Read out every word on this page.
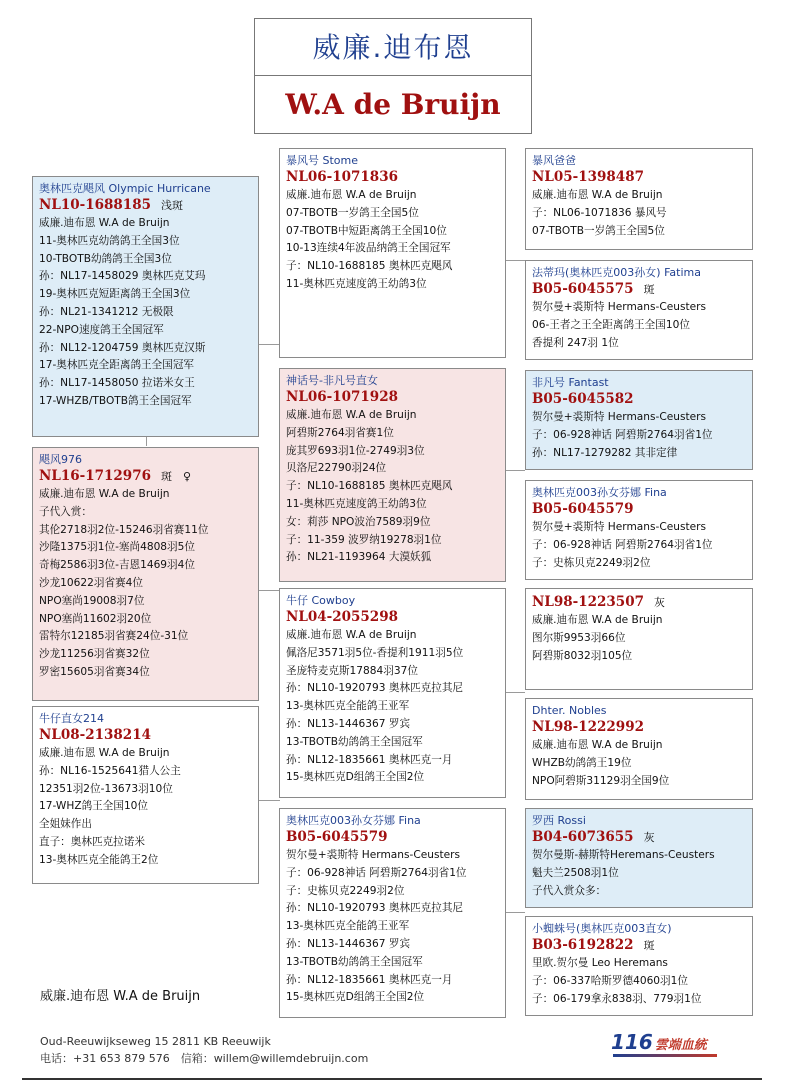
威廉.迪布恩
W.A de Bruijn
奥林匹克飓风 Olympic Hurricane
NL10-1688185 浅斑
威廉.迪布恩 W.A de Bruijn
11-奥林匹克幼鸽鸽王全国3位
10-TBOTB幼鸽鸽王全国3位
孙：NL17-1458029 奥林匹克艾玛
19-奥林匹克短距离鸽王全国3位
孙：NL21-1341212 无极限
22-NPO速度鸽王全国冠军
孙：NL12-1204759 奥林匹克汉斯
17-奥林匹克全距离鸽王全国冠军
孙：NL17-1458050 拉诺米女王
17-WHZB/TBOTB鸽王全国冠军
飓风976
NL16-1712976 斑　♀
威廉.迪布恩 W.A de Bruijn
子代入赏：
其伦2718羽2位-15246羽省赛11位
沙隆1375羽1位-塞尚4808羽5位
奇梅2586羽3位-吉恩1469羽4位
沙龙10622羽省赛4位
NPO塞尚19008羽7位
NPO塞尚11602羽20位
雷特尔12185羽省赛24位-31位
沙龙11256羽省赛32位
罗密15605羽省赛34位
牛仔直女214
NL08-2138214
威廉.迪布恩 W.A de Bruijn
孙：NL16-1525641猎人公主
12351羽2位-13673羽10位
17-WHZ鸽王全国10位
全姐妹作出
直子：奥林匹克拉诺米
13-奥林匹克全能鸽王2位
暴风号 Stome
NL06-1071836
威廉.迪布恩 W.A de Bruijn
07-TBOTB一岁鸽王全国5位
07-TBOTB中短距离鸽王全国10位
10-13连续4年波品纳鸽王全国冠军
子：NL10-1688185 奥林匹克飓风
11-奥林匹克速度鸽王幼鸽3位
神话号-非凡号直女
NL06-1071928
威廉.迪布恩 W.A de Bruijn
阿碧斯2764羽省赛1位
庞其罗693羽1位-2749羽3位
贝洛尼22790羽24位
子：NL10-1688185 奥林匹克飓风
11-奥林匹克速度鸽王幼鸽3位
女：莉莎 NPO波治7589羽9位
子：11-359 波罗纳19278羽1位
孙：NL21-1193964 大漠妖狐
牛仔 Cowboy
NL04-2055298
威廉.迪布恩 W.A de Bruijn
佩洛尼3571羽5位-香提利1911羽5位
圣庞特麦克斯17884羽37位
孙：NL10-1920793 奥林匹克拉其尼
13-奥林匹克全能鸽王亚军
孙：NL13-1446367 罗宾
13-TBOTB幼鸽鸽王全国冠军
孙：NL12-1835661 奥林匹克一月
15-奥林匹克D组鸽王全国2位
奥林匹克003孙女芬娜 Fina
B05-6045579
贺尔曼+裘斯特 Hermans-Ceusters
子：06-928神话 阿碧斯2764羽省1位
子：史栋贝克2249羽2位
孙：NL10-1920793 奥林匹克拉其尼
13-奥林匹克全能鸽王亚军
孙：NL13-1446367 罗宾
13-TBOTB幼鸽鸽王全国冠军
孙：NL12-1835661 奥林匹克一月
15-奥林匹克D组鸽王全国2位
暴风爸爸
NL05-1398487
威廉.迪布恩 W.A de Bruijn
子：NL06-1071836 暴风号
07-TBOTB一岁鸽王全国5位
法蒂玛(奥林匹克003孙女) Fatima
B05-6045575 斑
贺尔曼+裘斯特 Hermans-Ceusters
06-王者之王全距离鸽王全国10位
香提利 247羽 1位
非凡号 Fantast
B05-6045582
贺尔曼+裘斯特 Hermans-Ceusters
子：06-928神话 阿碧斯2764羽省1位
孙：NL17-1279282 其非定律
奥林匹克003孙女芬娜 Fina
B05-6045579
贺尔曼+裘斯特 Hermans-Ceusters
子：06-928神话 阿碧斯2764羽省1位
子：史栋贝克2249羽2位
NL98-1223507 灰
威廉.迪布恩 W.A de Bruijn
图尔斯9953羽66位
阿碧斯8032羽105位
Dhter. Nobles
NL98-1222992
威廉.迪布恩 W.A de Bruijn
WHZB幼鸽鸽王19位
NPO阿碧斯31129羽全国9位
罗西 Rossi
B04-6073655 灰
贺尔曼斯-赫斯特Heremans-Ceusters
魁夫兰2508羽1位
子代入赏众多：
小蜘蛛号(奥林匹克003直女)
B03-6192822 斑
里欧.贺尔曼 Leo Heremans
子：06-337哈斯罗德4060羽1位
子：06-179拿永838羽、779羽1位
威廉.迪布恩 W.A de Bruijn
Oud-Reeuwijkseweg 15 2811 KB Reeuwijk
电话：+31 653 879 576　信箱：willem@willemdebruijn.com
116 雲端血統
